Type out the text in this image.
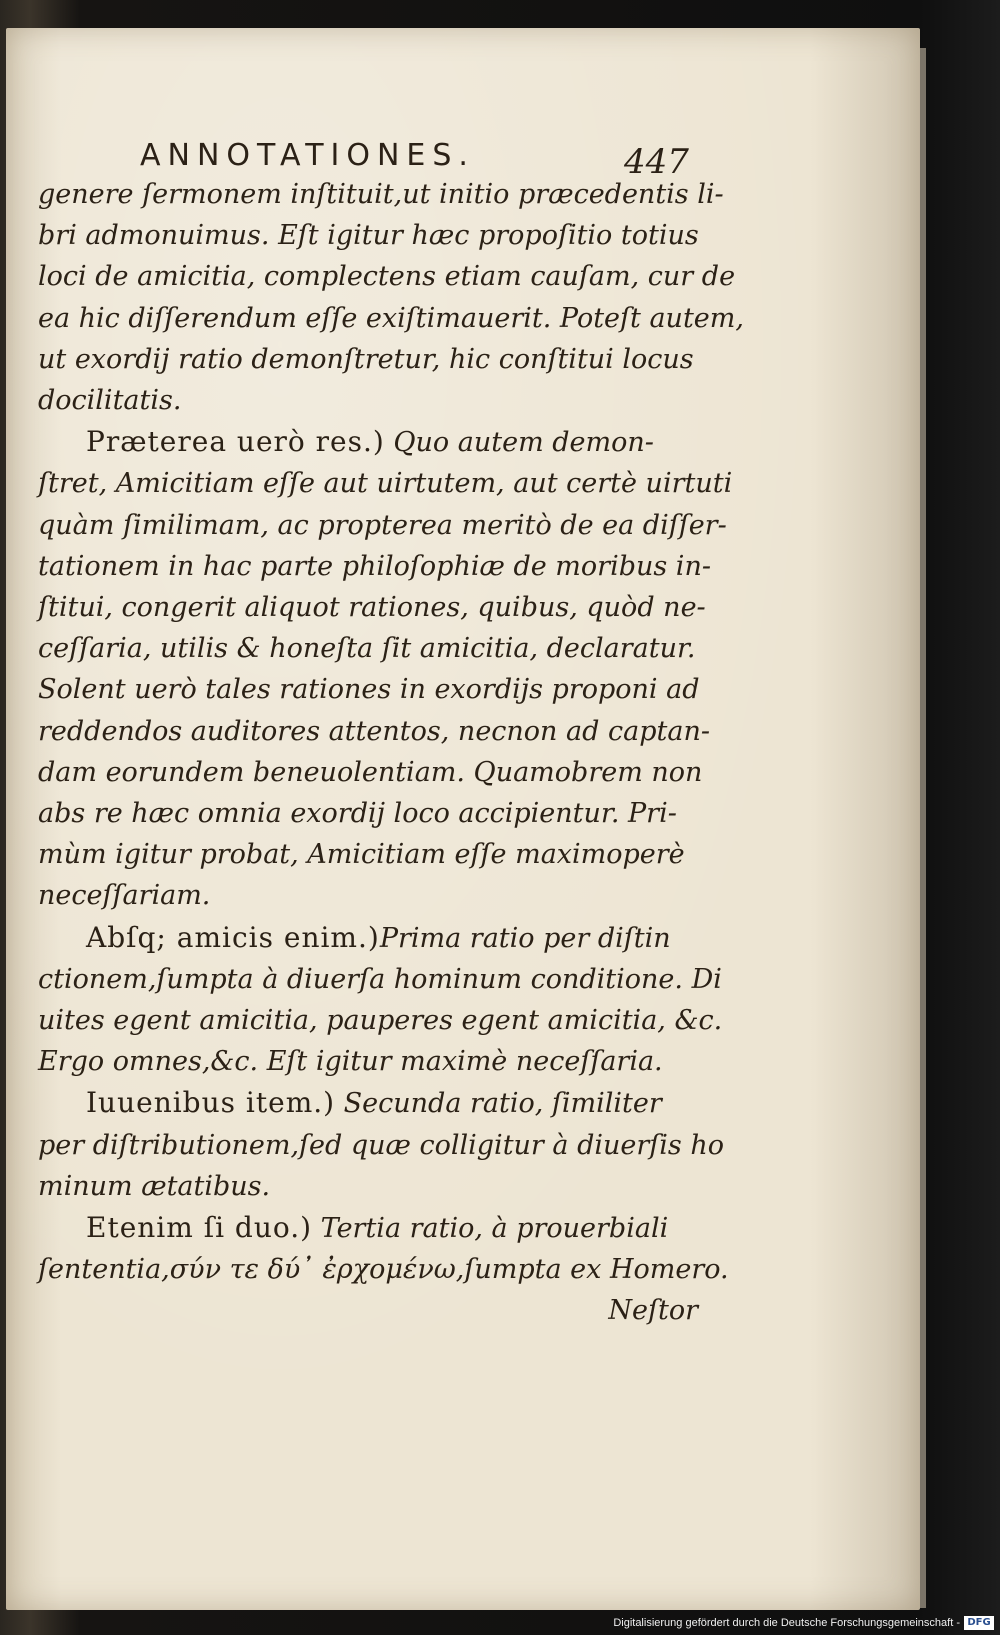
ANNOTATIONES.	447
genere ſermonem inſtituit,ut initio præcedentis li-
bri admonuimus. Eſt igitur hæc propoſitio totius
loci de amicitia, complectens etiam cauſam, cur de
ea hic diſſerendum eſſe exiſtimauerit. Poteſt autem,
ut exordij ratio demonſtretur, hic conſtitui locus
docilitatis.
Præterea uerò res.) Quo autem demon-
ſtret, Amicitiam eſſe aut uirtutem, aut certè uirtuti
quàm ſimilimam, ac propterea meritò de ea diſſer-
tationem in hac parte philoſophiæ de moribus in-
ſtitui, congerit aliquot rationes, quibus, quòd ne-
ceſſaria, utilis & honeſta ſit amicitia, declaratur.
Solent uerò tales rationes in exordijs proponi ad
reddendos auditores attentos, necnon ad captan-
dam eorundem beneuolentiam. Quamobrem non
abs re hæc omnia exordij loco accipientur. Pri-
mùm igitur probat, Amicitiam eſſe maximoperè
neceſſariam.
Abſq; amicis enim.)Prima ratio per diſtin
ctionem,ſumpta à diuerſa hominum conditione. Di
uites egent amicitia, pauperes egent amicitia, &c.
Ergo omnes,&c. Eſt igitur maximè neceſſaria.
Iuuenibus item.) Secunda ratio, ſimiliter
per diſtributionem,ſed quæ colligitur à diuerſis ho
minum ætatibus.
Etenim ſi duo.) Tertia ratio, à prouerbiali
ſententia,σύν τε δύ᾽ ἐρχομένω,ſumpta ex Homero.
Neſtor
Digitalisierung gefördert durch die Deutsche Forschungsgemeinschaft - DFG
